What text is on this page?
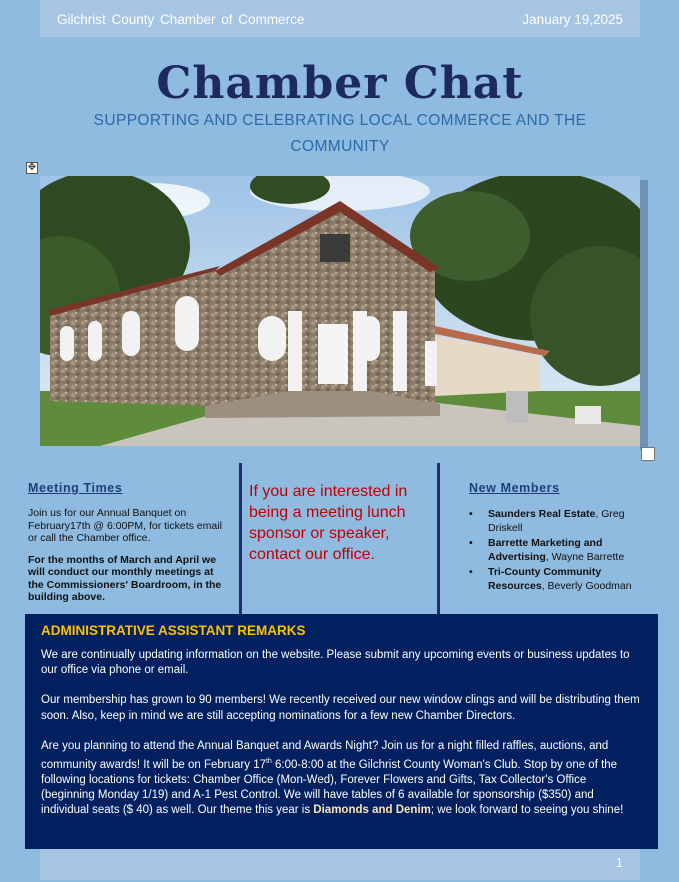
Gilchrist County Chamber of Commerce	January 19,2025
Chamber Chat
SUPPORTING AND CELEBRATING LOCAL COMMERCE AND THE COMMUNITY
✥
Meeting Times

Join us for our Annual Banquet on February17th @ 6:00PM, for tickets email or call the Chamber office.

For the months of March and April we will conduct our monthly meetings at the Commissioners' Boardroom, in the building above.

If you are interested in being a meeting lunch sponsor or speaker, contact our office.
New Members
• Saunders Real Estate, Greg Driskell
• Barrette Marketing and Advertising, Wayne Barrette
• Tri-County Community Resources, Beverly Goodman
ADMINISTRATIVE ASSISTANT REMARKS

We are continually updating information on the website. Please submit any upcoming events or business updates to our office via phone or email.

Our membership has grown to 90 members! We recently received our new window clings and will be distributing them soon. Also, keep in mind we are still accepting nominations for a few new Chamber Directors.

Are you planning to attend the Annual Banquet and Awards Night? Join us for a night filled raffles, auctions, and community awards! It will be on February 17th 6:00-8:00 at the Gilchrist County Woman's Club. Stop by one of the following locations for tickets: Chamber Office (Mon-Wed), Forever Flowers and Gifts, Tax Collector's Office (beginning Monday 1/19) and A-1 Pest Control. We will have tables of 6 available for sponsorship ($350) and individual seats ($ 40) as well. Our theme this year is Diamonds and Denim; we look forward to seeing you shine!

1
